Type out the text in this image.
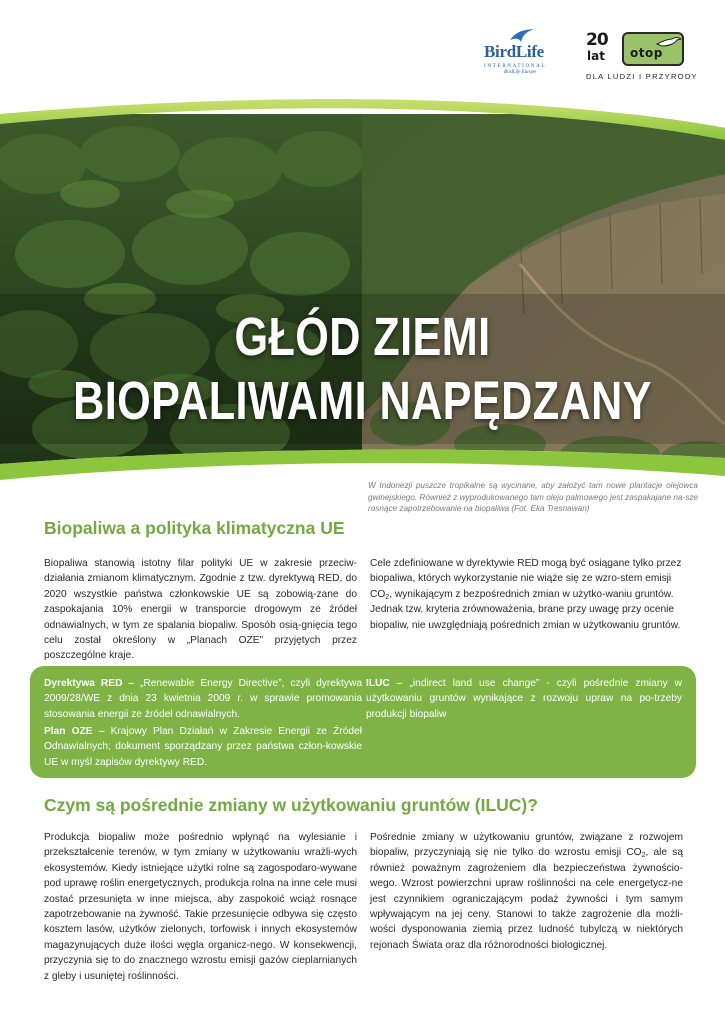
BirdLife
INTERNATIONAL
BirdLife Europe
20
lat otop
DLA LUDZI I PRZYRODY
GŁÓD ZIEMI
BIOPALIWAMI NAPĘDZANY

W Indonezji puszcze tropikalne są wycinane, aby założyć tam nowe plantacje olejowca gwinejskiego. Również z wyprodukowanego tam oleju palmowego jest zaspakajane na-sze rosnące zapotrzebowanie na biopaliwa (Fot. Eka Tresnawan)

Biopaliwa a polityka klimatyczna UE

Biopaliwa stanowią istotny filar polityki UE w zakresie przeciw-działania zmianom klimatycznym. Zgodnie z tzw. dyrektywą RED, do 2020 wszystkie państwa członkowskie UE są zobowią-zane do zaspokajania 10% energii w transporcie drogowym ze źródeł odnawialnych, w tym ze spalania biopaliw. Sposób osią-gnięcia tego celu został określony w „Planach OZE” przyjętych przez poszczególne kraje.

Cele zdefiniowane w dyrektywie RED mogą być osiągane tylko przez biopaliwa, których wykorzystanie nie wiąże się ze wzro-stem emisji $CO_2$, wynikającym z bezpośrednich zmian w użytko-waniu gruntów. Jednak tzw. kryteria zrównoważenia, brane przy uwagę przy ocenie biopaliw, nie uwzględniają pośrednich zmian w użytkowaniu gruntów.

Dyrektywa RED – „Renewable Energy Directive”, czyli dyrektywa 2009/28/WE z dnia 23 kwietnia 2009 r. w sprawie promowania stosowania energii ze źródeł odnawialnych.

Plan OZE – Krajowy Plan Działań w Zakresie Energii ze Źródeł Odnawialnych; dokument sporządzany przez państwa człon-kowskie UE w myśl zapisów dyrektywy RED.

ILUC – „indirect land use change” - czyli pośrednie zmiany w użytkowaniu gruntów wynikające z rozwoju upraw na po-trzeby produkcji biopaliw

Czym są pośrednie zmiany w użytkowaniu gruntów (ILUC)?

Produkcja biopaliw może pośrednio wpłynąć na wylesianie i przekształcenie terenów, w tym zmiany w użytkowaniu wrażli-wych ekosystemów. Kiedy istniejące użytki rolne są zagospodaro-wywane pod uprawę roślin energetycznych, produkcja rolna na inne cele musi zostać przesunięta w inne miejsca, aby zaspokoić wciąż rosnące zapotrzebowanie na żywność. Takie przesunięcie odbywa się często kosztem lasów, użytków zielonych, torfowisk i innych ekosystemów magazynujących duże ilości węgla organicz-nego. W konsekwencji, przyczynia się to do znacznego wzrostu emisji gazów cieplarnianych z gleby i usuniętej roślinności.

Pośrednie zmiany w użytkowaniu gruntów, związane z rozwojem biopaliw, przyczyniają się nie tylko do wzrostu emisji $CO_2$, ale są również poważnym zagrożeniem dla bezpieczeństwa żywnościo-wego. Wzrost powierzchni upraw roślinności na cele energetycz-ne jest czynnikiem ograniczającym podaż żywności i tym samym wpływającym na jej ceny. Stanowi to także zagrożenie dla możli-wości dysponowania ziemią przez ludność tubylczą w niektórych rejonach Świata oraz dla różnorodności biologicznej.
